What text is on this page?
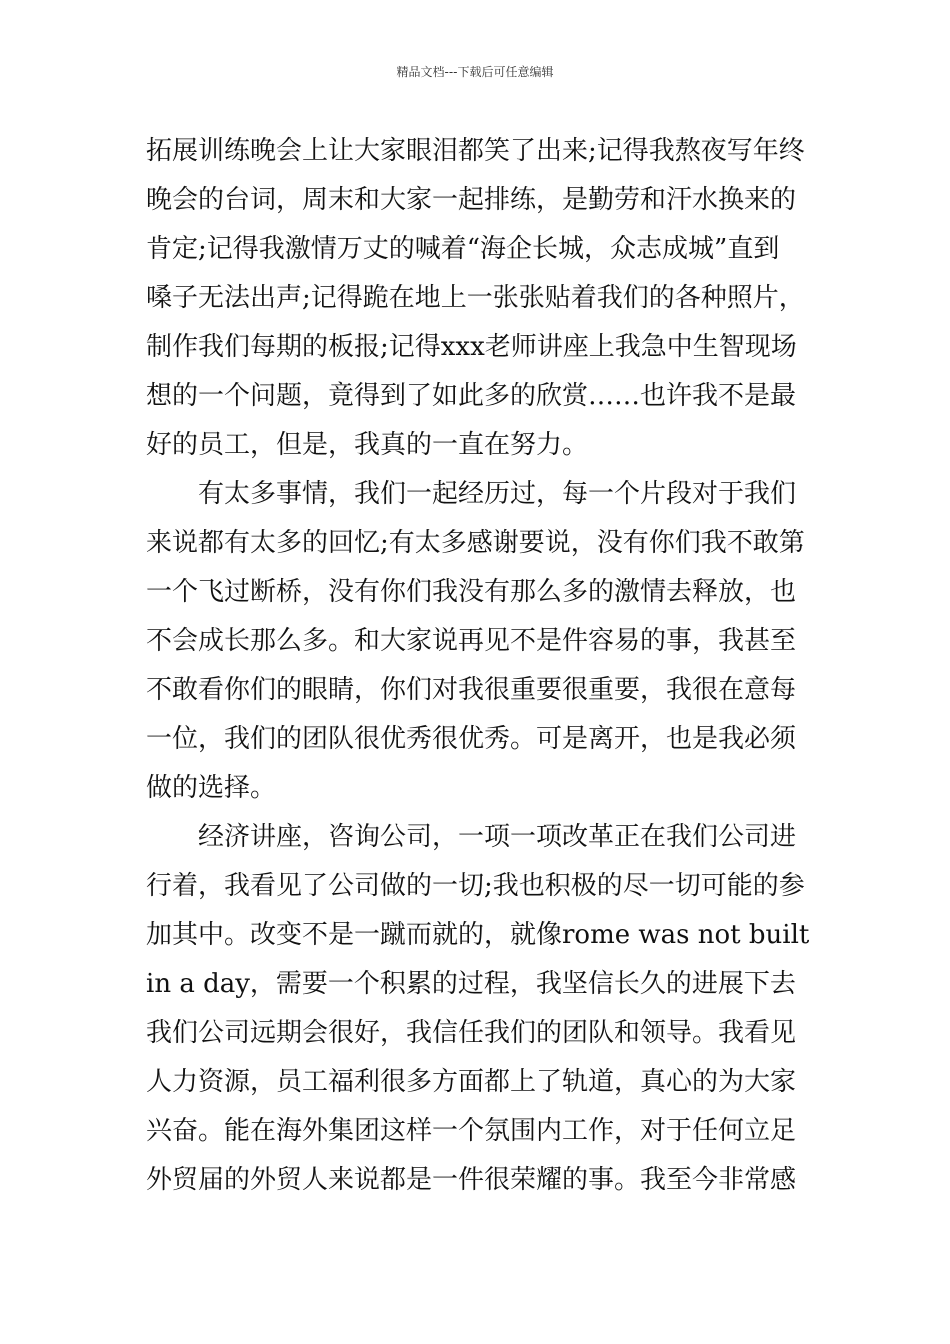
精品文档---下载后可任意编辑
拓展训练晚会上让大家眼泪都笑了出来;记得我熬夜写年终
晚会的台词，周末和大家一起排练，是勤劳和汗水换来的
肯定;记得我激情万丈的喊着“海企长城，众志成城”直到
嗓子无法出声;记得跪在地上一张张贴着我们的各种照片，
制作我们每期的板报;记得xxx老师讲座上我急中生智现场
想的一个问题，竟得到了如此多的欣赏……也许我不是最
好的员工，但是，我真的一直在努力。
有太多事情，我们一起经历过，每一个片段对于我们
来说都有太多的回忆;有太多感谢要说，没有你们我不敢第
一个飞过断桥，没有你们我没有那么多的激情去释放，也
不会成长那么多。和大家说再见不是件容易的事，我甚至
不敢看你们的眼睛，你们对我很重要很重要，我很在意每
一位，我们的团队很优秀很优秀。可是离开，也是我必须
做的选择。
经济讲座，咨询公司，一项一项改革正在我们公司进
行着，我看见了公司做的一切;我也积极的尽一切可能的参
加其中。改变不是一蹴而就的，就像rome was not built
in a day，需要一个积累的过程，我坚信长久的进展下去
我们公司远期会很好，我信任我们的团队和领导。我看见
人力资源，员工福利很多方面都上了轨道，真心的为大家
兴奋。能在海外集团这样一个氛围内工作，对于任何立足
外贸届的外贸人来说都是一件很荣耀的事。我至今非常感
